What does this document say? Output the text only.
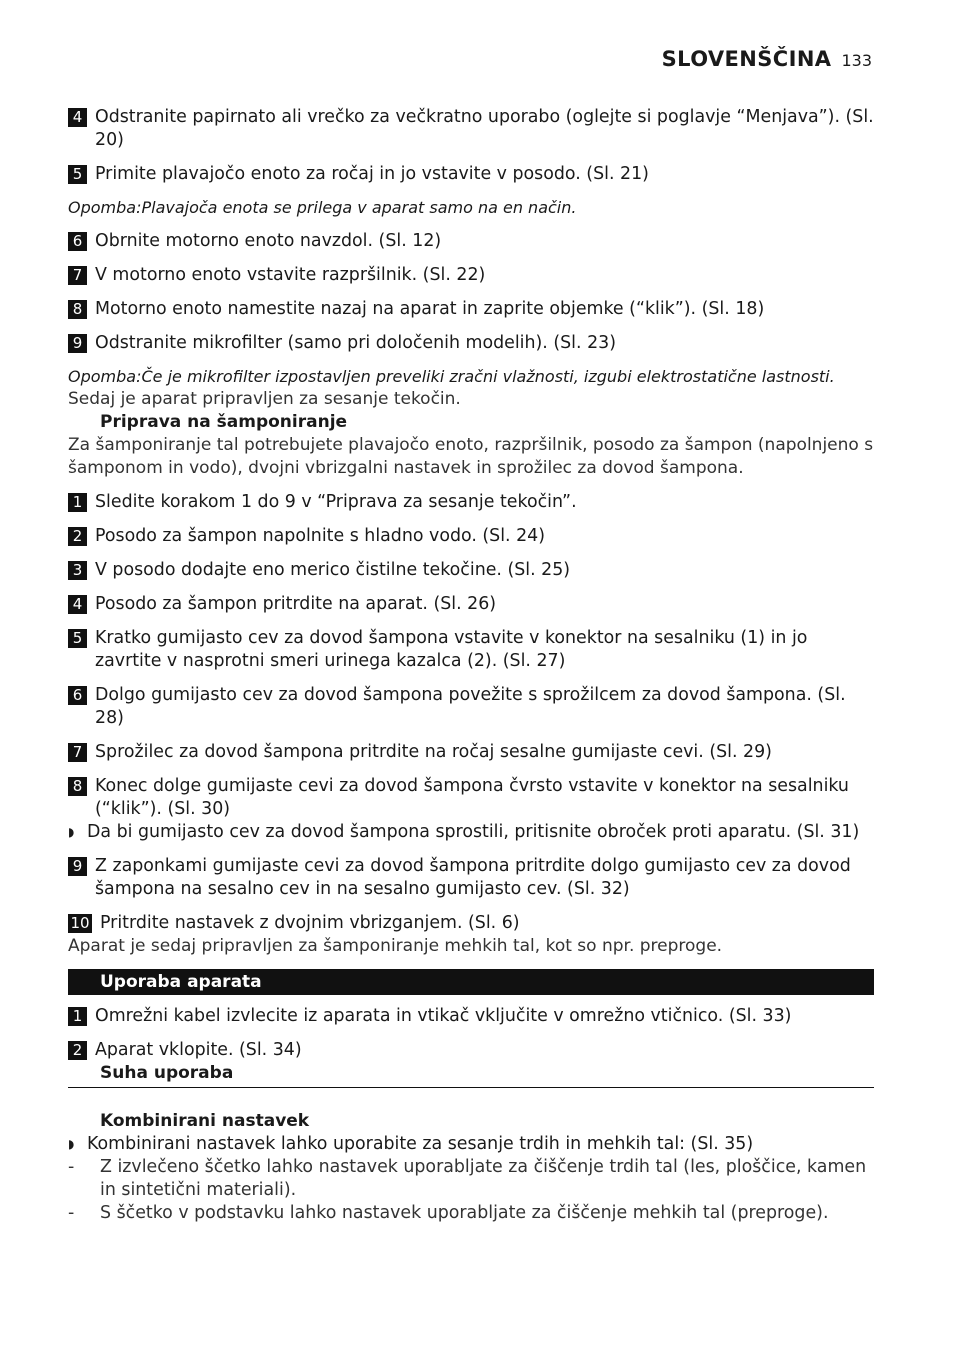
SLOVENŠČINA 133
4 Odstranite papirnato ali vrečko za večkratno uporabo (oglejte si poglavje “Menjava”). (Sl. 20)
5 Primite plavajočo enoto za ročaj in jo vstavite v posodo. (Sl. 21)
Opomba:Plavajoča enota se prilega v aparat samo na en način.
6 Obrnite motorno enoto navzdol. (Sl. 12)
7 V motorno enoto vstavite razpršilnik. (Sl. 22)
8 Motorno enoto namestite nazaj na aparat in zaprite objemke (“klik”). (Sl. 18)
9 Odstranite mikrofilter (samo pri določenih modelih). (Sl. 23)
Opomba:Če je mikrofilter izpostavljen preveliki zračni vlažnosti, izgubi elektrostatične lastnosti.
Sedaj je aparat pripravljen za sesanje tekočin.
Priprava na šamponiranje
Za šamponiranje tal potrebujete plavajočo enoto, razpršilnik, posodo za šampon (napolnjeno s šamponom in vodo), dvojni vbrizgalni nastavek in sprožilec za dovod šampona.
1 Sledite korakom 1 do 9 v “Priprava za sesanje tekočin”.
2 Posodo za šampon napolnite s hladno vodo. (Sl. 24)
3 V posodo dodajte eno merico čistilne tekočine. (Sl. 25)
4 Posodo za šampon pritrdite na aparat. (Sl. 26)
5 Kratko gumijasto cev za dovod šampona vstavite v konektor na sesalniku (1) in jo zavrtite v nasprotni smeri urinega kazalca (2). (Sl. 27)
6 Dolgo gumijasto cev za dovod šampona povežite s sprožilcem za dovod šampona. (Sl. 28)
7 Sprožilec za dovod šampona pritrdite na ročaj sesalne gumijaste cevi. (Sl. 29)
8 Konec dolge gumijaste cevi za dovod šampona čvrsto vstavite v konektor na sesalniku (“klik”). (Sl. 30)
◗ Da bi gumijasto cev za dovod šampona sprostili, pritisnite obroček proti aparatu. (Sl. 31)
9 Z zaponkami gumijaste cevi za dovod šampona pritrdite dolgo gumijasto cev za dovod šampona na sesalno cev in na sesalno gumijasto cev. (Sl. 32)
10 Pritrdite nastavek z dvojnim vbrizganjem. (Sl. 6)
Aparat je sedaj pripravljen za šamponiranje mehkih tal, kot so npr. preproge.
Uporaba aparata
1 Omrežni kabel izvlecite iz aparata in vtikač vključite v omrežno vtičnico. (Sl. 33)
2 Aparat vklopite. (Sl. 34)
Suha uporaba
Kombinirani nastavek
◗ Kombinirani nastavek lahko uporabite za sesanje trdih in mehkih tal: (Sl. 35)
-	Z izvlečeno ščetko lahko nastavek uporabljate za čiščenje trdih tal (les, ploščice, kamen in sintetični materiali).
-	S ščetko v podstavku lahko nastavek uporabljate za čiščenje mehkih tal (preproge).
